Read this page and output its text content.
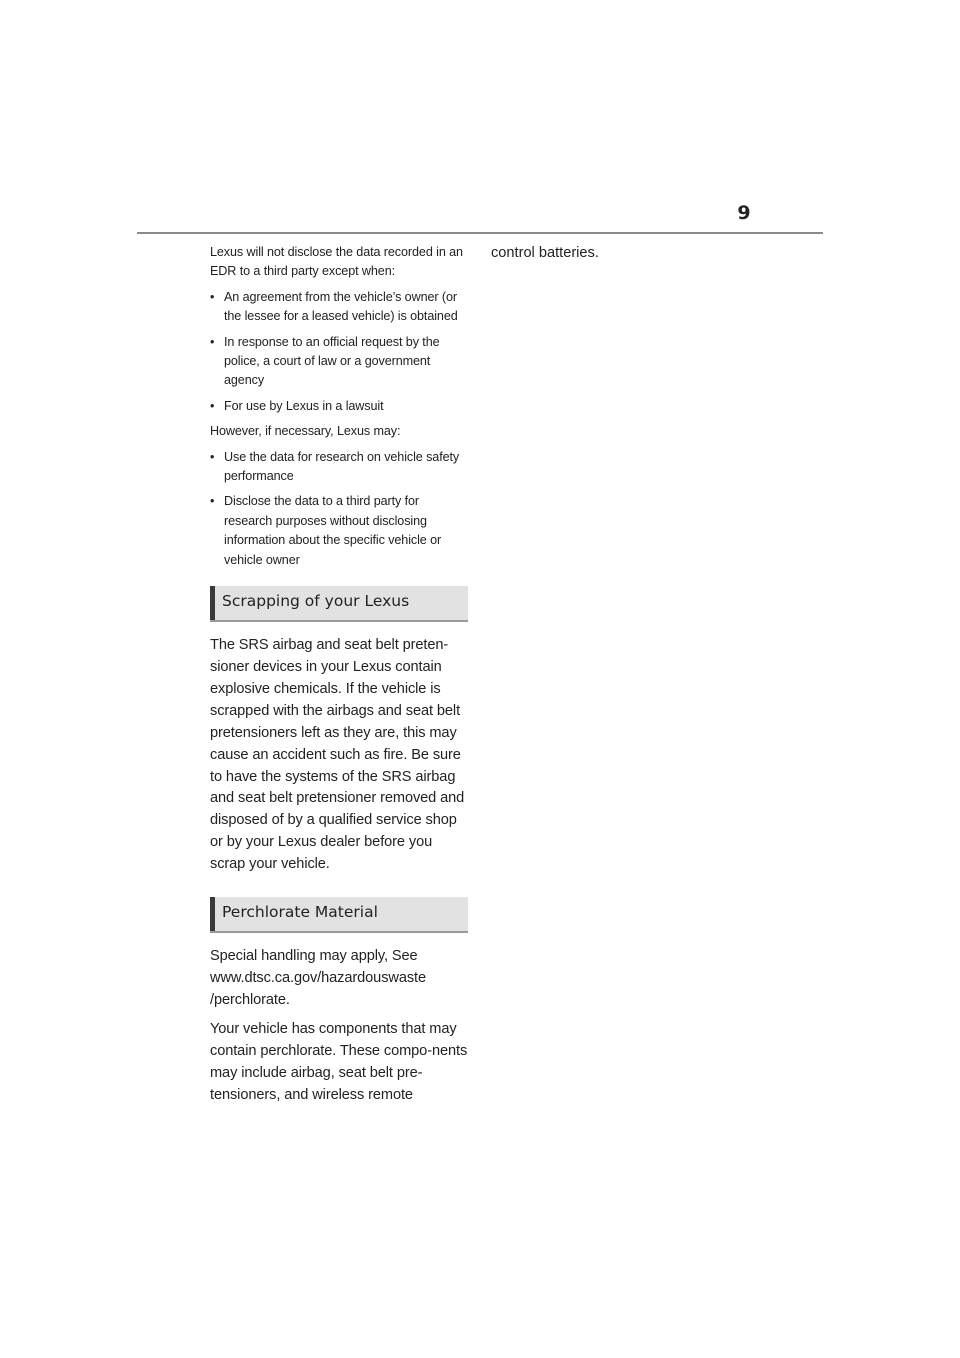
9

Lexus will not disclose the data recorded in an EDR to a third party except when:

• An agreement from the vehicle’s owner (or the lessee for a leased vehicle) is obtained
• In response to an official request by the police, a court of law or a government agency
• For use by Lexus in a lawsuit

However, if necessary, Lexus may:

• Use the data for research on vehicle safety performance
• Disclose the data to a third party for research purposes without disclosing information about the specific vehicle or vehicle owner
Scrapping of your Lexus

The SRS airbag and seat belt preten-sioner devices in your Lexus contain explosive chemicals. If the vehicle is scrapped with the airbags and seat belt pretensioners left as they are, this may cause an accident such as fire. Be sure to have the systems of the SRS airbag and seat belt pretensioner removed and disposed of by a qualified service shop or by your Lexus dealer before you scrap your vehicle.

Perchlorate Material

Special handling may apply, See www.dtsc.ca.gov/hazardouswaste /perchlorate.

Your vehicle has components that may contain perchlorate. These compo-nents may include airbag, seat belt pre-tensioners, and wireless remote

control batteries.
